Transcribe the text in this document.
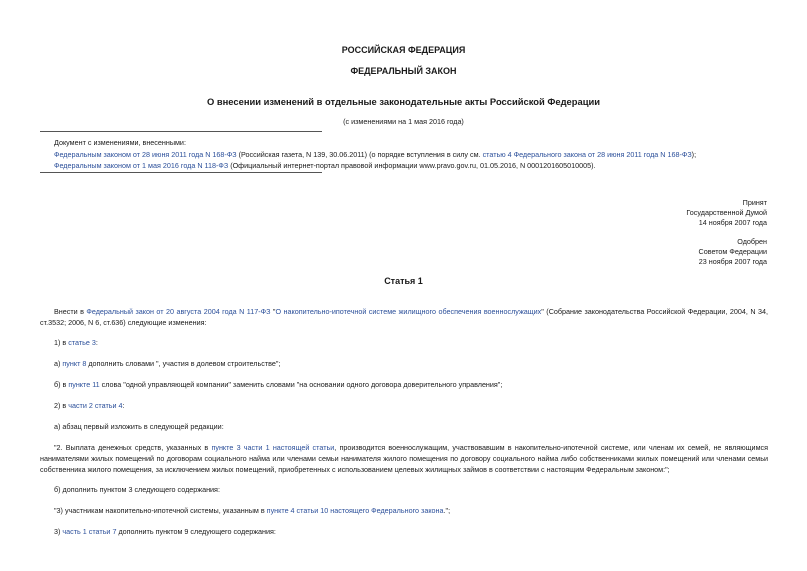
РОССИЙСКАЯ ФЕДЕРАЦИЯ
ФЕДЕРАЛЬНЫЙ ЗАКОН
О внесении изменений в отдельные законодательные акты Российской Федерации
(с изменениями на 1 мая 2016 года)
Документ с изменениями, внесенными:
Федеральным законом от 28 июня 2011 года N 168-ФЗ (Российская газета, N 139, 30.06.2011) (о порядке вступления в силу см. статью 4 Федерального закона от 28 июня 2011 года N 168-ФЗ);
Федеральным законом от 1 мая 2016 года N 118-ФЗ (Официальный интернет-портал правовой информации www.pravo.gov.ru, 01.05.2016, N 0001201605010005).
Принят
Государственной Думой
14 ноября 2007 года
Одобрен
Советом Федерации
23 ноября 2007 года
Статья 1
Внести в Федеральный закон от 20 августа 2004 года N 117-ФЗ "О накопительно-ипотечной системе жилищного обеспечения военнослужащих" (Собрание законодательства Российской Федерации, 2004, N 34, ст.3532; 2006, N 6, ст.636) следующие изменения:
1) в статье 3:
а) пункт 8 дополнить словами ", участия в долевом строительстве";
б) в пункте 11 слова "одной управляющей компании" заменить словами "на основании одного договора доверительного управления";
2) в части 2 статьи 4:
а) абзац первый изложить в следующей редакции:
"2. Выплата денежных средств, указанных в пункте 3 части 1 настоящей статьи, производится военнослужащим, участвовавшим в накопительно-ипотечной системе, или членам их семей, не являющимся нанимателями жилых помещений по договорам социального найма или членами семьи нанимателя жилого помещения по договору социального найма либо собственниками жилых помещений или членами семьи собственника жилого помещения, за исключением жилых помещений, приобретенных с использованием целевых жилищных займов в соответствии с настоящим Федеральным законом:";
б) дополнить пунктом 3 следующего содержания:
"3) участникам накопительно-ипотечной системы, указанным в пункте 4 статьи 10 настоящего Федерального закона.";
3) часть 1 статьи 7 дополнить пунктом 9 следующего содержания:
